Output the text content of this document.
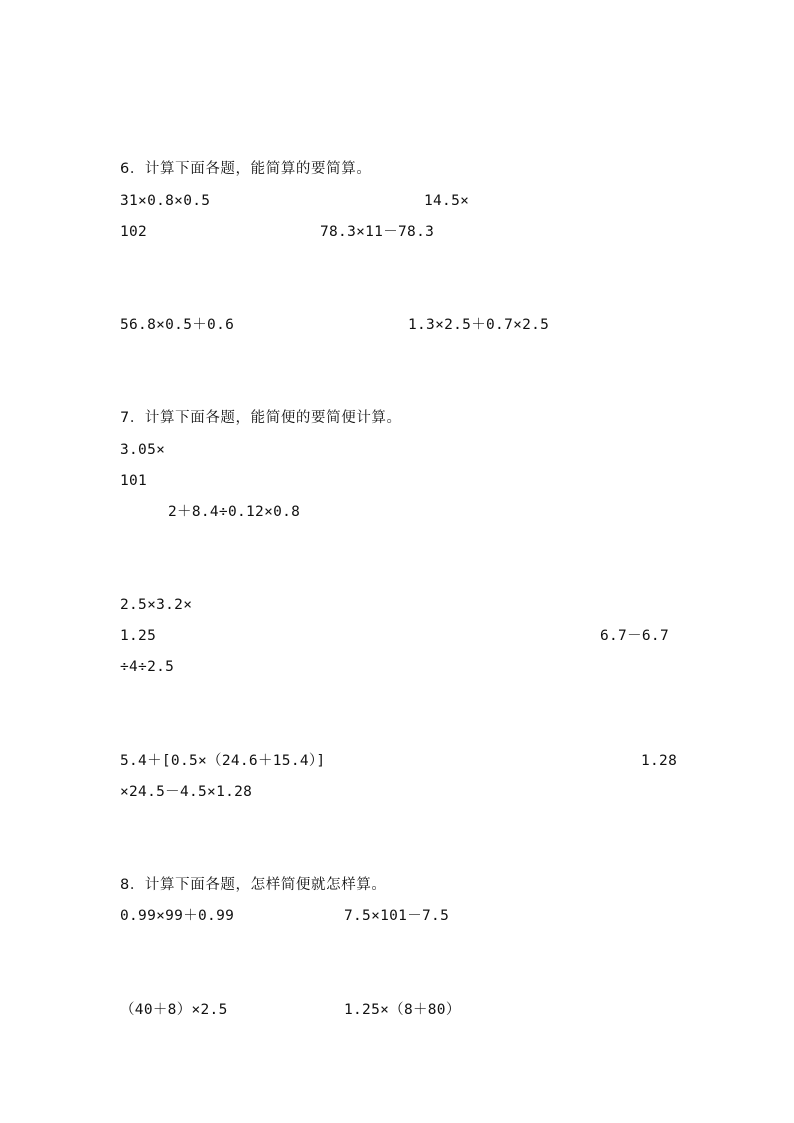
6．计算下面各题，能简算的要简算。
31×0.8×0.5	14.5×
102	78.3×11－78.3
56.8×0.5＋0.6	1.3×2.5＋0.7×2.5
7．计算下面各题，能简便的要简便计算。
3.05×
101
2＋8.4÷0.12×0.8
2.5×3.2×
1.25	6.7－6.7
÷4÷2.5
5.4＋[0.5×（24.6＋15.4）]	1.28
×24.5－4.5×1.28
8．计算下面各题，怎样简便就怎样算。
0.99×99＋0.99	7.5×101－7.5
（40＋8）×2.5	1.25×（8＋80）
